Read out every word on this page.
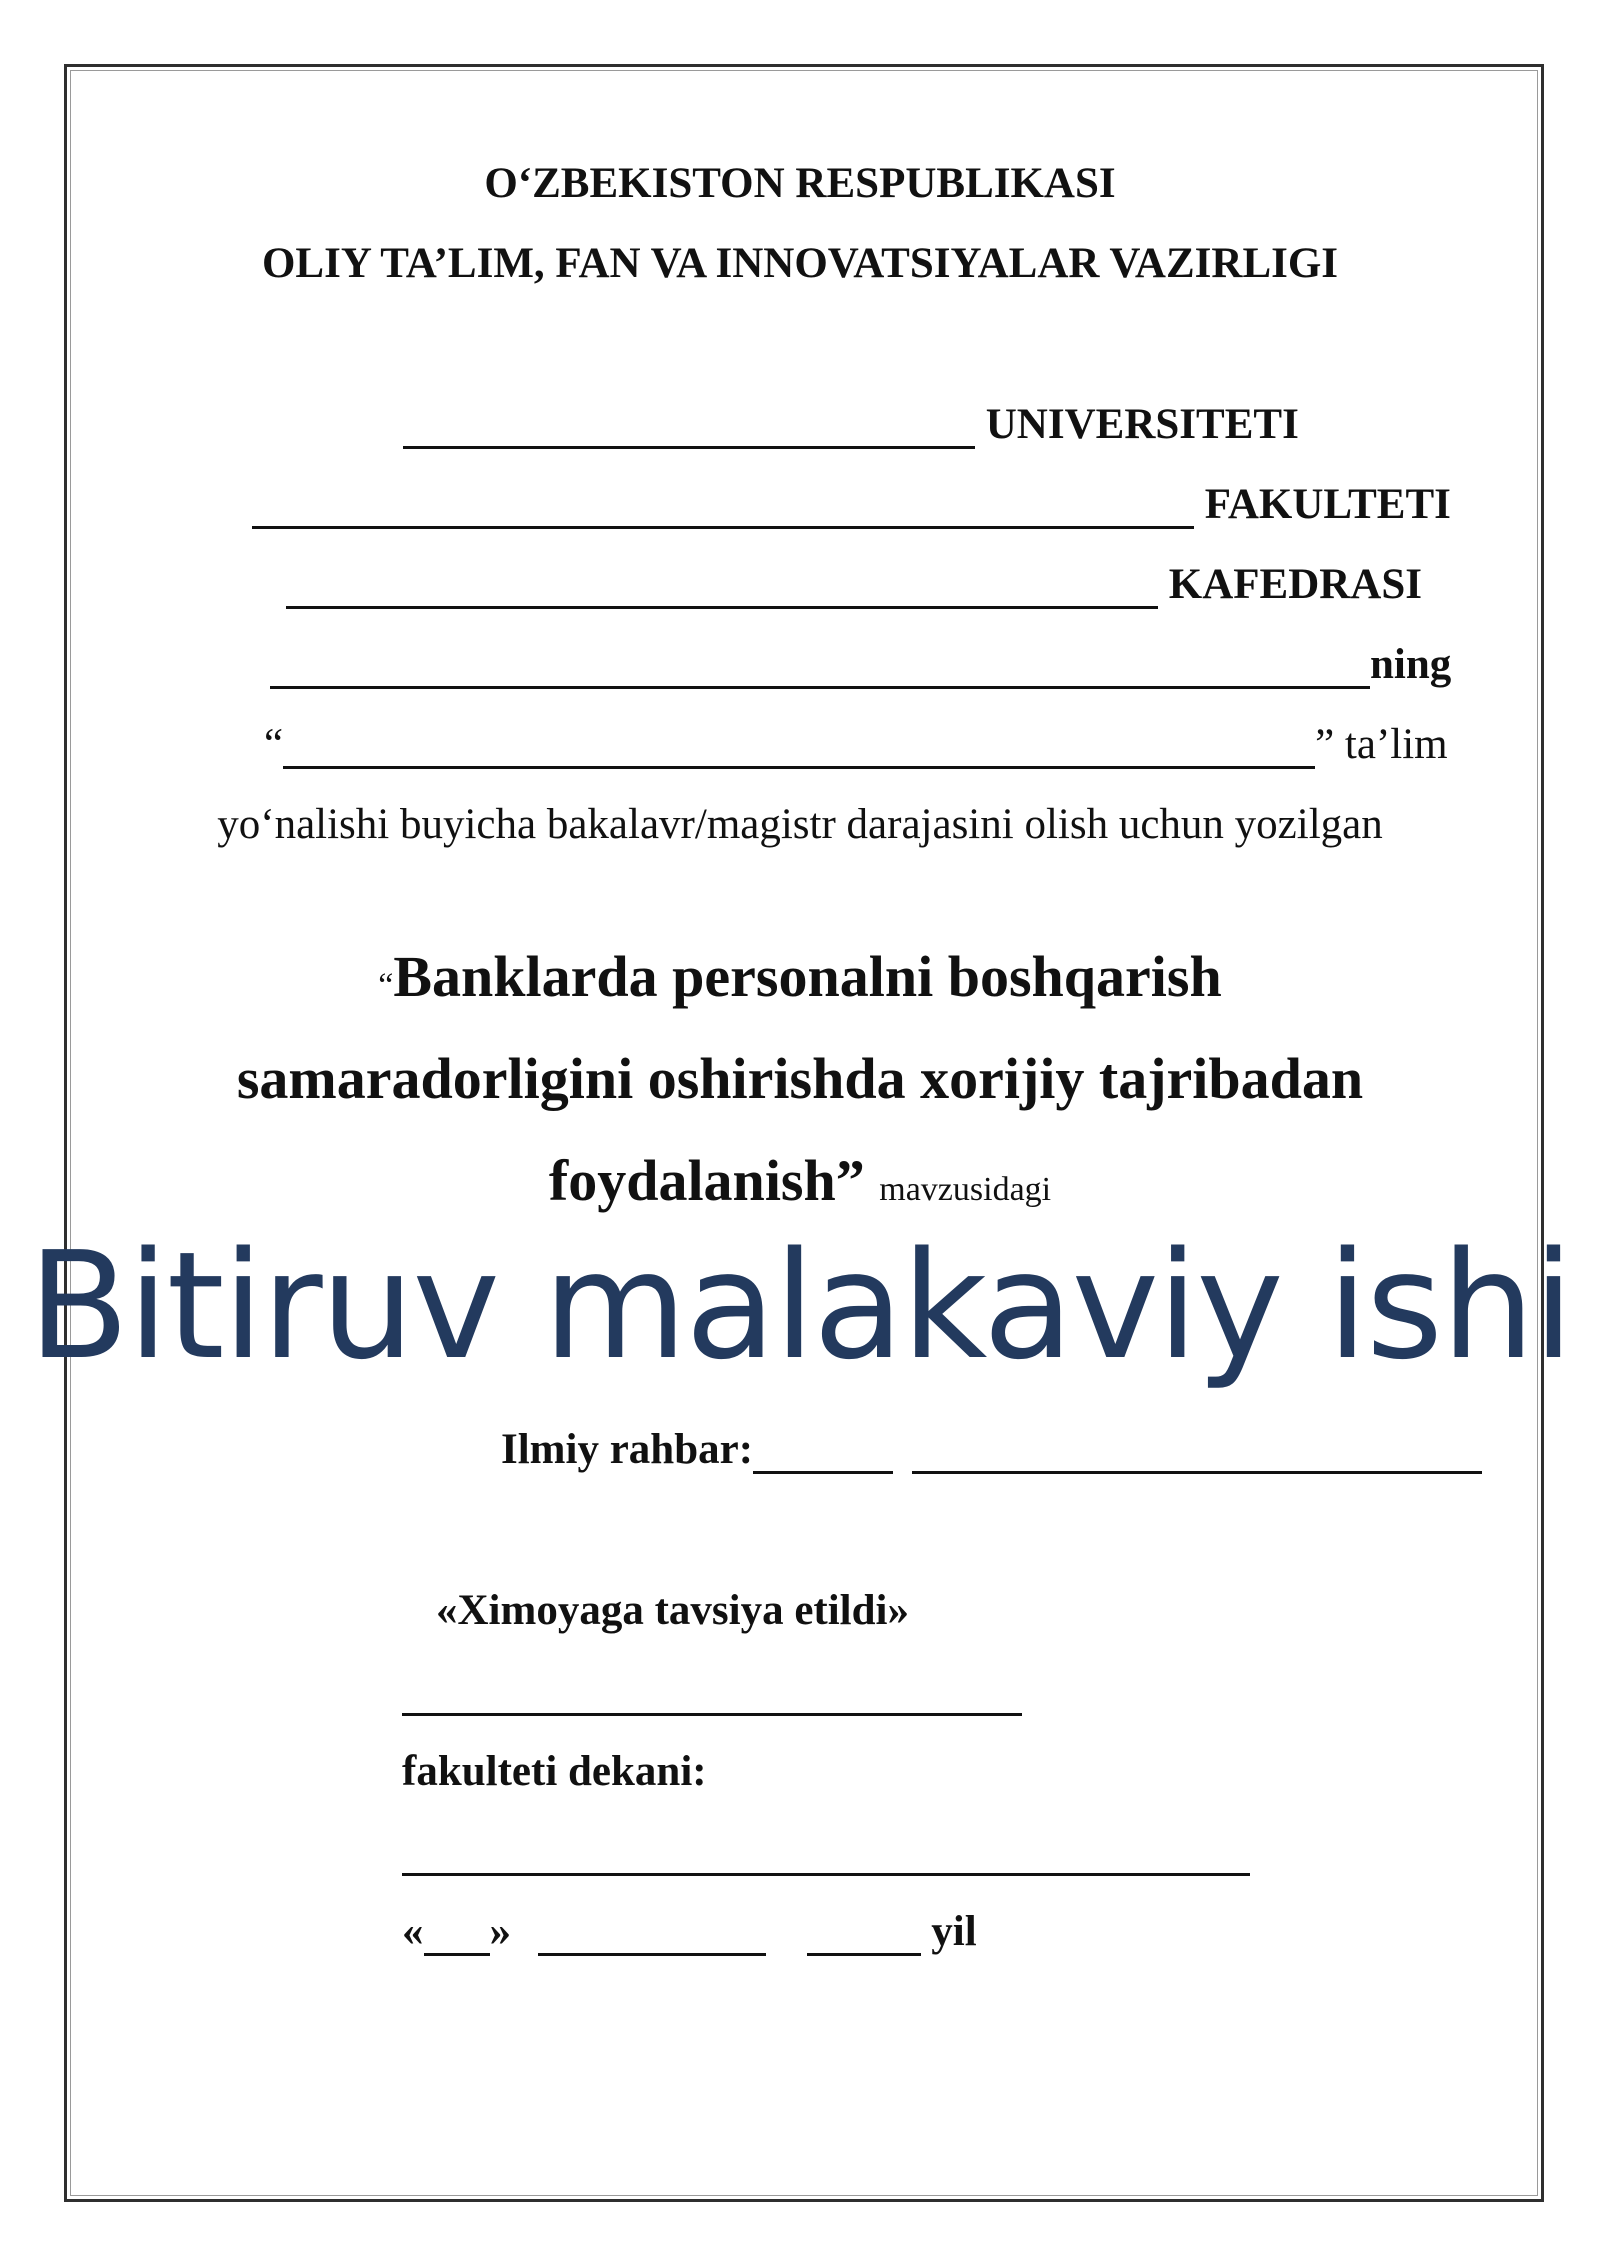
O‘ZBEKISTON RESPUBLIKASI
OLIY TA’LIM, FAN VA INNOVATSIYALAR VAZIRLIGI
UNIVERSITETI
FAKULTETI
KAFEDRASI
ning
“	” ta’lim
yo‘nalishi buyicha bakalavr/magistr darajasini olish uchun yozilgan
“Banklarda personalni boshqarish
samaradorligini oshirishda xorijiy tajribadan
foydalanish” mavzusidagi
Bitiruv malakaviy ishi
Ilmiy rahbar:
«Ximoyaga tavsiya etildi»

fakulteti dekani:

« »	yil
